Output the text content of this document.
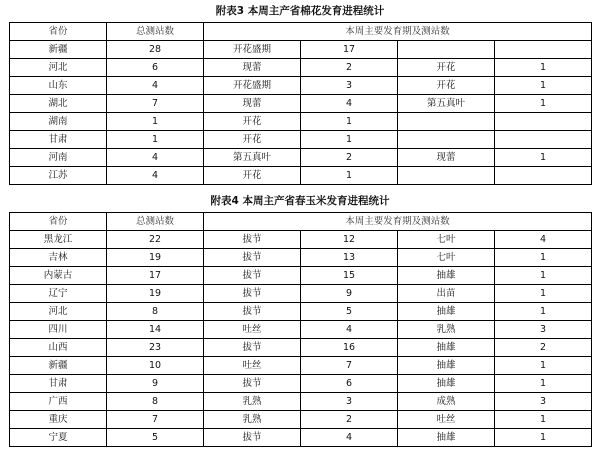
附表3 本周主产省棉花发育进程统计
省份	总测站数	本周主要发育期及测站数			
新疆	28	开花盛期	17		
河北	6	现蕾	2	开花	1
山东	4	开花盛期	3	开花	1
湖北	7	现蕾	4	第五真叶	1
湖南	1	开花	1		
甘肃	1	开花	1		
河南	4	第五真叶	2	现蕾	1
江苏	4	开花	1		
附表4 本周主产省春玉米发育进程统计
省份	总测站数	本周主要发育期及测站数			
黑龙江	22	拔节	12	七叶	4
吉林	19	拔节	13	七叶	1
内蒙古	17	拔节	15	抽雄	1
辽宁	19	拔节	9	出苗	1
河北	8	拔节	5	抽雄	1
四川	14	吐丝	4	乳熟	3
山西	23	拔节	16	抽雄	2
新疆	10	吐丝	7	抽雄	1
甘肃	9	拔节	6	抽雄	1
广西	8	乳熟	3	成熟	3
重庆	7	乳熟	2	吐丝	1
宁夏	5	拔节	4	抽雄	1
